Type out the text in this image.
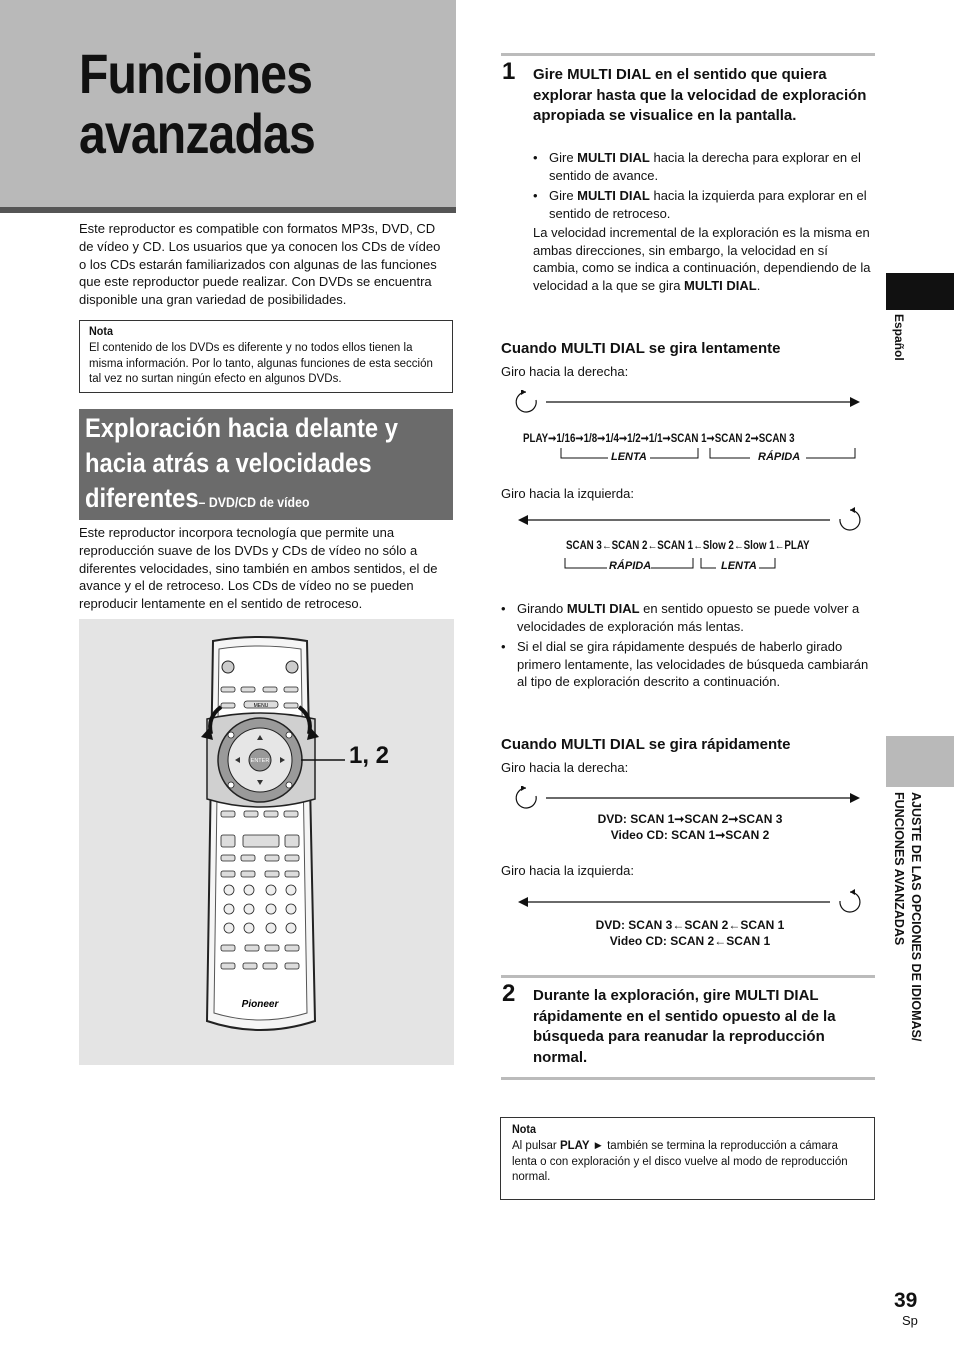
Funciones
avanzadas
Este reproductor es compatible con formatos MP3s, DVD, CD de vídeo y CD. Los usuarios que ya conocen los CDs de vídeo o los CDs estarán familiarizados con algunas de las funciones que este reproductor puede realizar. Con DVDs se encuentra disponible una gran variedad de posibilidades.
Nota
El contenido de los DVDs es diferente y no todos ellos tienen la misma información. Por lo tanto, algunas funciones de esta sección tal vez no surtan ningún efecto en algunos DVDs.
Exploración hacia delante y
hacia atrás a velocidades
diferentes– DVD/CD de vídeo
Este reproductor incorpora tecnología que permite una reproducción suave de los DVDs y CDs de vídeo no sólo a diferentes velocidades, sino también en ambos sentidos, el de avance y el de retroceso. Los CDs de vídeo no se pueden reproducir lentamente en el sentido de retroceso.
MENU
ENTER
Pioneer
1, 2
1 Gire MULTI DIAL en el sentido que quiera explorar hasta que la velocidad de exploración apropiada se visualice en la pantalla.
• Gire MULTI DIAL hacia la derecha para explorar en el sentido de avance.
• Gire MULTI DIAL hacia la izquierda para explorar en el sentido de retroceso.
La velocidad incremental de la exploración es la misma en ambas direcciones, sin embargo, la velocidad en sí cambia, como se indica a continuación, dependiendo de la velocidad a la que se gira MULTI DIAL.
Cuando MULTI DIAL se gira lentamente
Giro hacia la derecha:
PLAY➞1/16➞1/8➞1/4➞1/2➞1/1➞SCAN 1➞SCAN 2➞SCAN 3
LENTA	RÁPIDA
Giro hacia la izquierda:
SCAN 3←SCAN 2←SCAN 1←Slow 2←Slow 1←PLAY
RÁPIDA	LENTA
• Girando MULTI DIAL en sentido opuesto se puede volver a velocidades de exploración más lentas.
• Si el dial se gira rápidamente después de haberlo girado primero lentamente, las velocidades de búsqueda cambiarán al tipo de exploración descrito a continuación.
Cuando MULTI DIAL se gira rápidamente
Giro hacia la derecha:
DVD: SCAN 1➞SCAN 2➞SCAN 3
Video CD: SCAN 1➞SCAN 2
Giro hacia la izquierda:
DVD: SCAN 3←SCAN 2←SCAN 1
Video CD: SCAN 2←SCAN 1
2 Durante la exploración, gire MULTI DIAL rápidamente en el sentido opuesto al de la búsqueda para reanudar la reproducción normal.
Nota
Al pulsar PLAY ► también se termina la reproducción a cámara lenta o con exploración y el disco vuelve al modo de reproducción normal.
Español
AJUSTE DE LAS OPCIONES DE IDIOMAS/
FUNCIONES AVANZADAS
39
Sp
